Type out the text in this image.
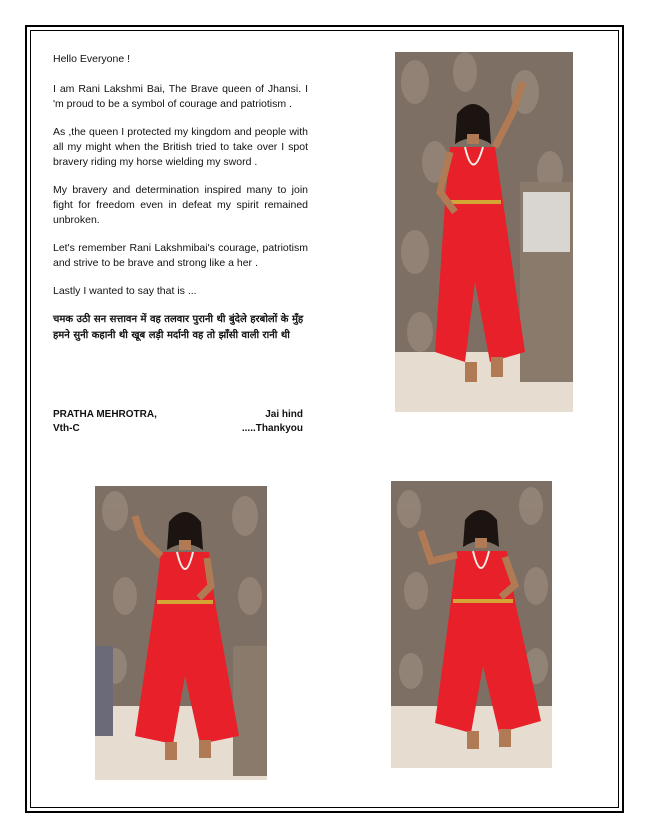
Hello Everyone !

I am Rani Lakshmi Bai, The Brave queen of Jhansi. I 'm proud to be a symbol of courage and patriotism .

As ,the queen I protected my kingdom and people with all my might when the British tried to take over I spot bravery riding my horse wielding my sword .

My bravery and determination inspired many to join fight for freedom even in defeat my spirit remained unbroken.

Let's remember Rani Lakshmibai's courage, patriotism and strive to be brave and strong like a her .

Lastly I wanted to say that is ...

चमक उठी सन सत्तावन में वह तलवार पुरानी थी बुंदेले हरबोलों के मुँह हमने सुनी कहानी थी खूब लड़ी मर्दानी वह तो झाँसी वाली रानी थी

PRATHA MEHROTRA,	Jai hind
Vth-C	.....Thankyou
